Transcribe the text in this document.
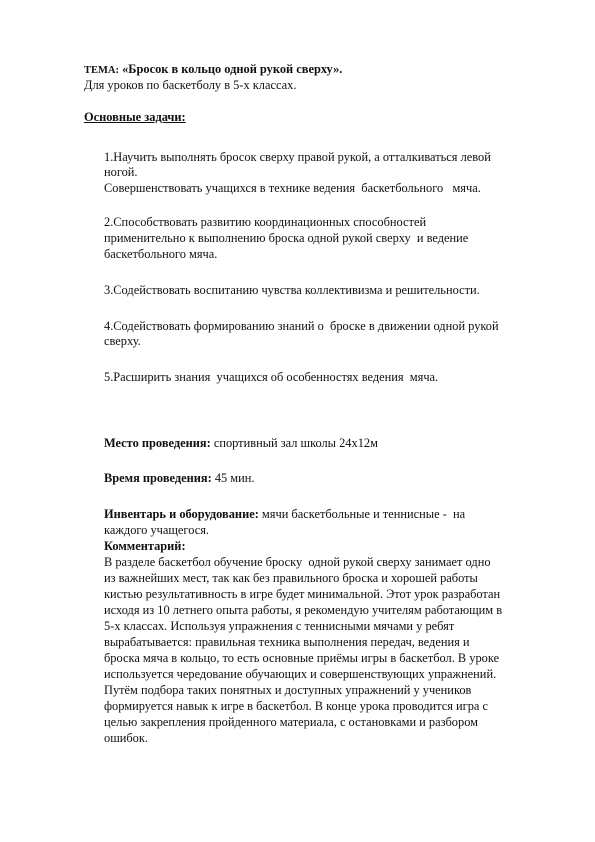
ТЕМА: «Бросок в кольцо одной рукой сверху».
Для уроков по баскетболу в 5-х классах.
Основные задачи:
1.Научить выполнять бросок сверху правой рукой, а отталкиваться левой
ногой.
Совершенствовать учащихся в технике ведения  баскетбольного   мяча.
2.Способствовать развитию координационных способностей
применительно к выполнению броска одной рукой сверху  и ведение
баскетбольного мяча.
3.Содействовать воспитанию чувства коллективизма и решительности.
4.Содействовать формированию знаний о  броске в движении одной рукой
сверху.
5.Расширить знания  учащихся об особенностях ведения  мяча.
Место проведения: спортивный зал школы 24х12м
Время проведения: 45 мин.
Инвентарь и оборудование: мячи баскетбольные и теннисные -  на
каждого учащегося.
Комментарий:
В разделе баскетбол обучение броску  одной рукой сверху занимает одно
из важнейших мест, так как без правильного броска и хорошей работы
кистью результативность в игре будет минимальной. Этот урок разработан
исходя из 10 летнего опыта работы, я рекомендую учителям работающим в
5-х классах. Используя упражнения с теннисными мячами у ребят
вырабатывается: правильная техника выполнения передач, ведения и
броска мяча в кольцо, то есть основные приёмы игры в баскетбол. В уроке
используется чередование обучающих и совершенствующих упражнений.
Путём подбора таких понятных и доступных упражнений у учеников
формируется навык к игре в баскетбол. В конце урока проводится игра с
целью закрепления пройденного материала, с остановками и разбором
ошибок.
